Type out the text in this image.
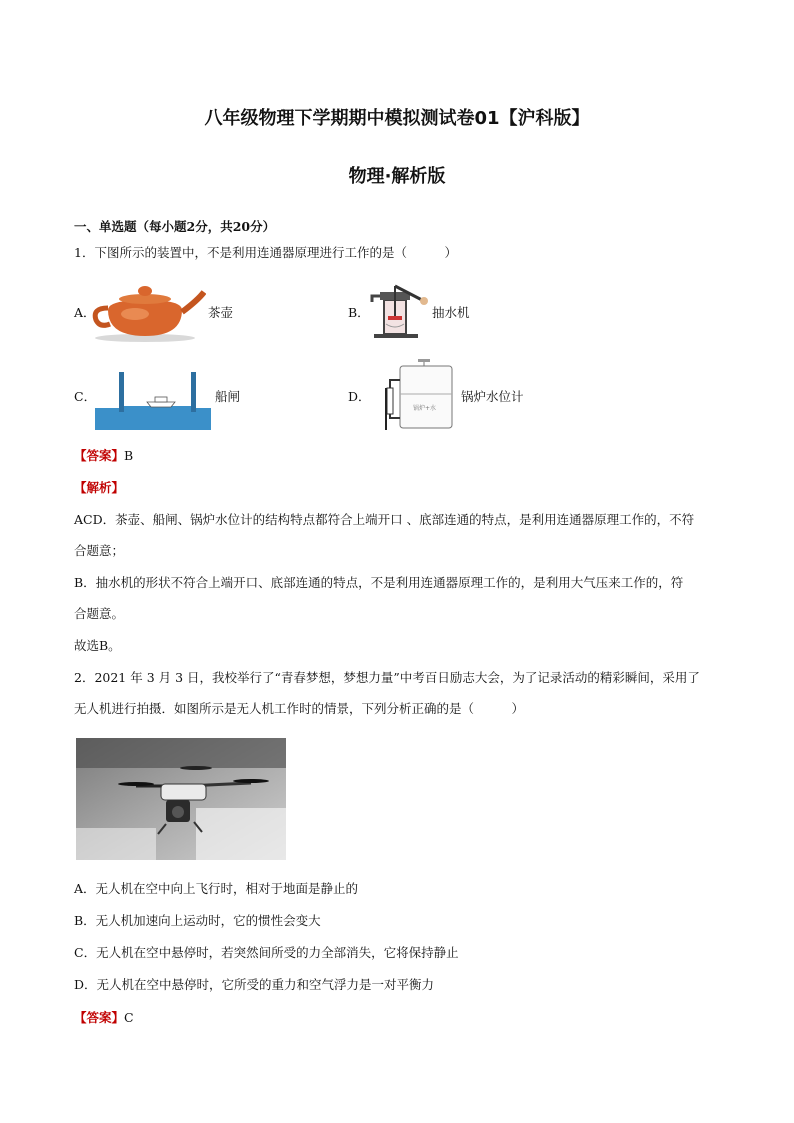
八年级物理下学期期中模拟测试卷01【沪科版】
物理·解析版
一、单选题（每小题2分，共20分）
1．下图所示的装置中，不是利用连通器原理进行工作的是（　　　）
A．	茶壶	B．	抽水机
C．	船闸	D．
锅炉+水
锅炉水位计
【答案】B
【解析】
ACD．茶壶、船闸、锅炉水位计的结构特点都符合上端开口 、底部连通的特点，是利用连通器原理工作的，不符
合题意；
B．抽水机的形状不符合上端开口、底部连通的特点，不是利用连通器原理工作的，是利用大气压来工作的，符
合题意。
故选B。
2．2021 年 3 月 3 日，我校举行了“青春梦想，梦想力量”中考百日励志大会，为了记录活动的精彩瞬间，采用了
无人机进行拍摄．如图所示是无人机工作时的情景，下列分析正确的是（　　　）
A．无人机在空中向上飞行时，相对于地面是静止的
B．无人机加速向上运动时，它的惯性会变大
C．无人机在空中悬停时，若突然间所受的力全部消失，它将保持静止
D．无人机在空中悬停时，它所受的重力和空气浮力是一对平衡力
【答案】C
